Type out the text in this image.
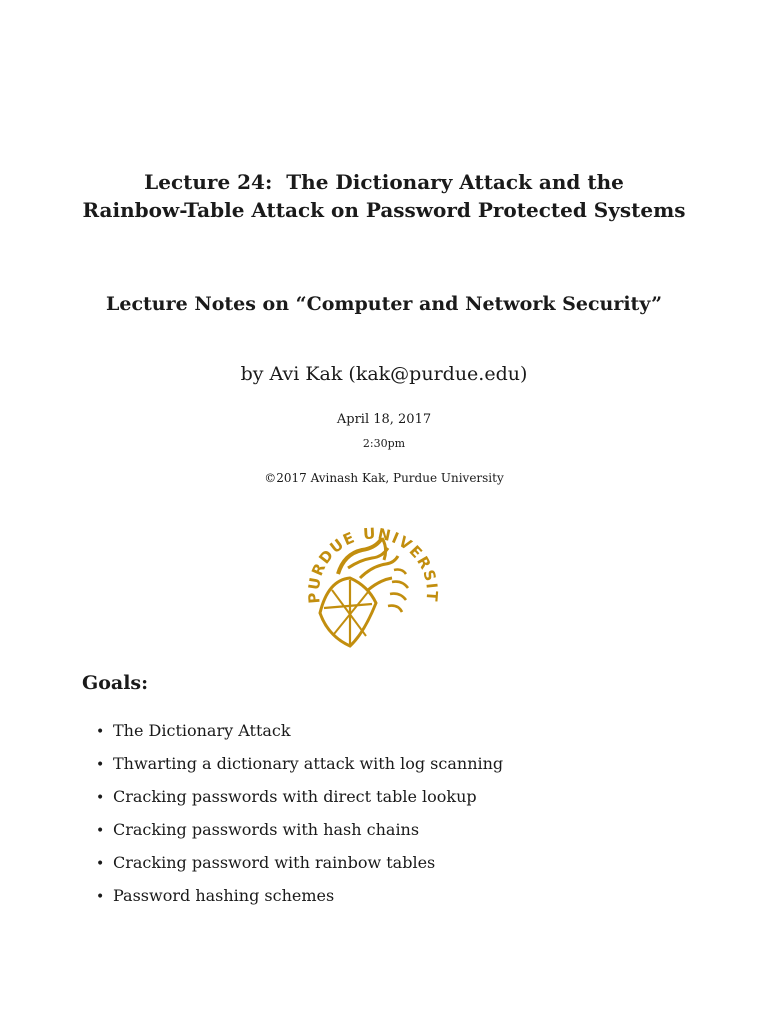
Lecture 24:  The Dictionary Attack and the
Rainbow-Table Attack on Password Protected Systems
Lecture Notes on “Computer and Network Security”
by Avi Kak (kak@purdue.edu)
April 18, 2017
2:30pm
©2017 Avinash Kak, Purdue University
PURDUE UNIVERSIT
Goals:
• The Dictionary Attack
• Thwarting a dictionary attack with log scanning
• Cracking passwords with direct table lookup
• Cracking passwords with hash chains
• Cracking password with rainbow tables
• Password hashing schemes
